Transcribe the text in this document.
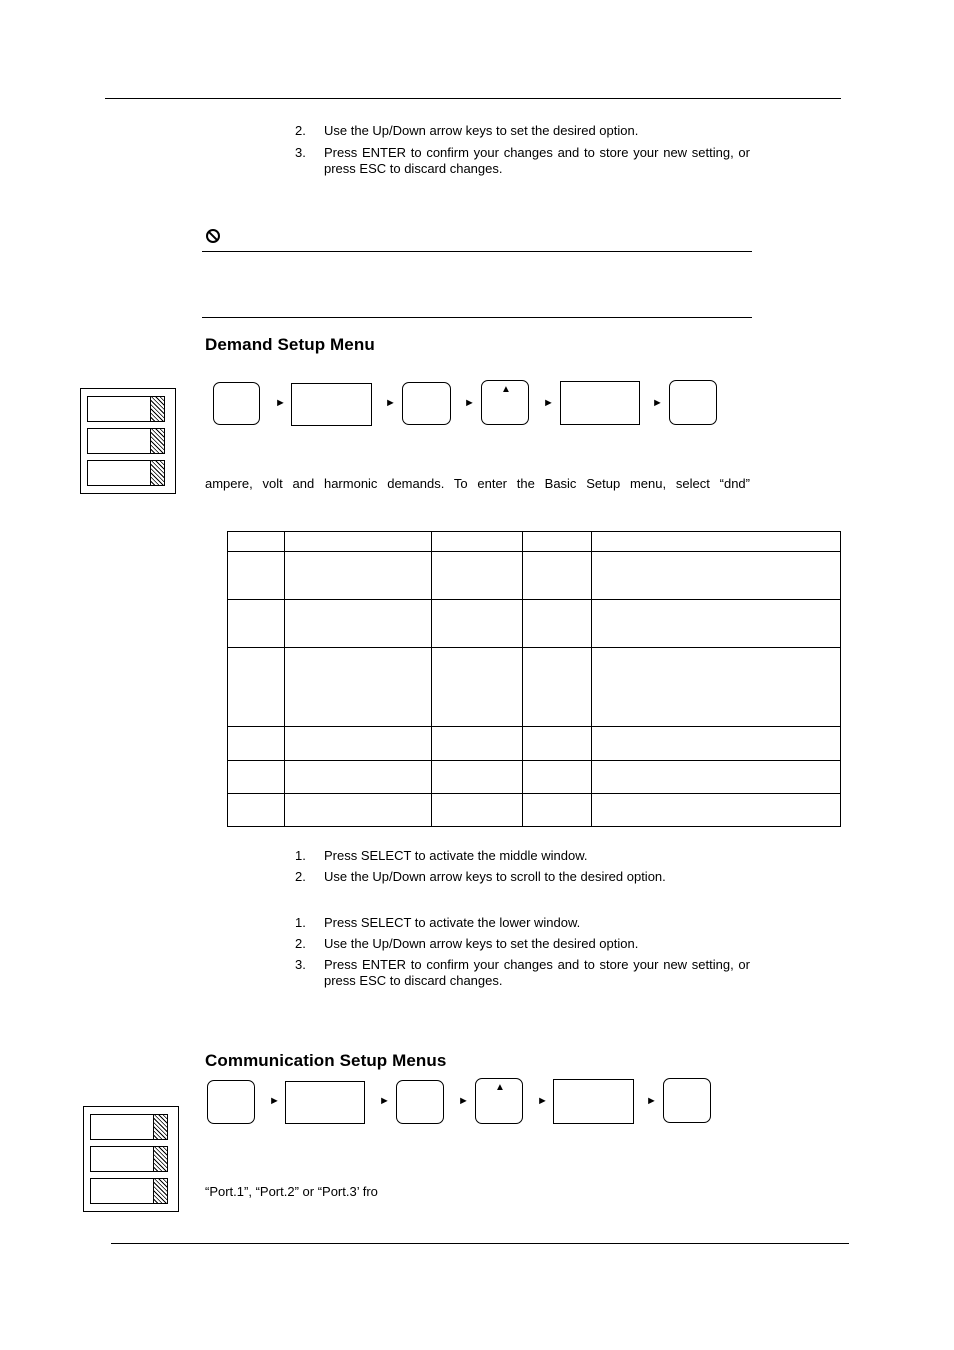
2.	Use the Up/Down arrow keys to set the desired option.
3.	Press ENTER to confirm your changes and to store your new setting, or press ESC to discard changes.
Demand Setup Menu
►	►	►
▲
►	►
ampere, volt and harmonic demands. To enter the Basic Setup menu, select “dnd”

1.	Press SELECT to activate the middle window.
2.	Use the Up/Down arrow keys to scroll to the desired option.
1.	Press SELECT to activate the lower window.
2.	Use the Up/Down arrow keys to set the desired option.
3.	Press ENTER to confirm your changes and to store your new setting, or press ESC to discard changes.
Communication Setup Menus
►	►	►
▲
►	►
“Port.1”, “Port.2” or “Port.3’ fro
